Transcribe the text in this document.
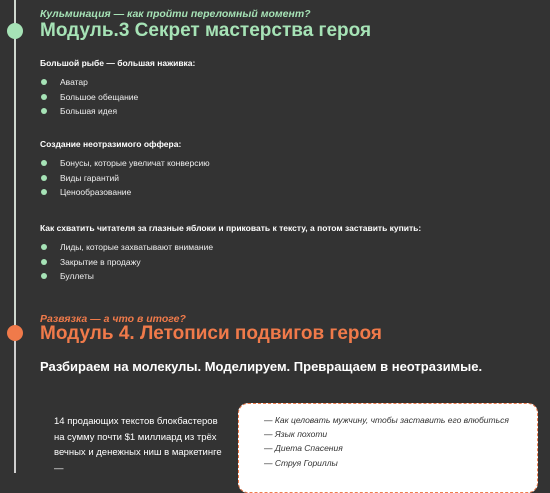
Кульминация — как пройти переломный момент?
Модуль.3 Секрет мастерства героя

Большой рыбе — большая наживка:

Аватар
Большое обещание
Большая идея

Создание неотразимого оффера:

Бонусы, которые увеличат конверсию
Виды гарантий
Ценообразование

Как схватить читателя за глазные яблоки и приковать к тексту, а потом заставить купить:

Лиды, которые захватывают внимание
Закрытие в продажу
Буллеты
Развязка — а что в итоге?
Модуль 4. Летописи подвигов героя
Разбираем на молекулы. Моделируем. Превращаем в неотразимые.
14 продающих текстов блокбастеров на сумму почти $1 миллиард из трёх вечных и денежных ниш в маркетинге —
— Как целовать мужчину, чтобы заставить его влюбиться
— Язык похоти
— Диета Спасения
— Струя Гориллы
